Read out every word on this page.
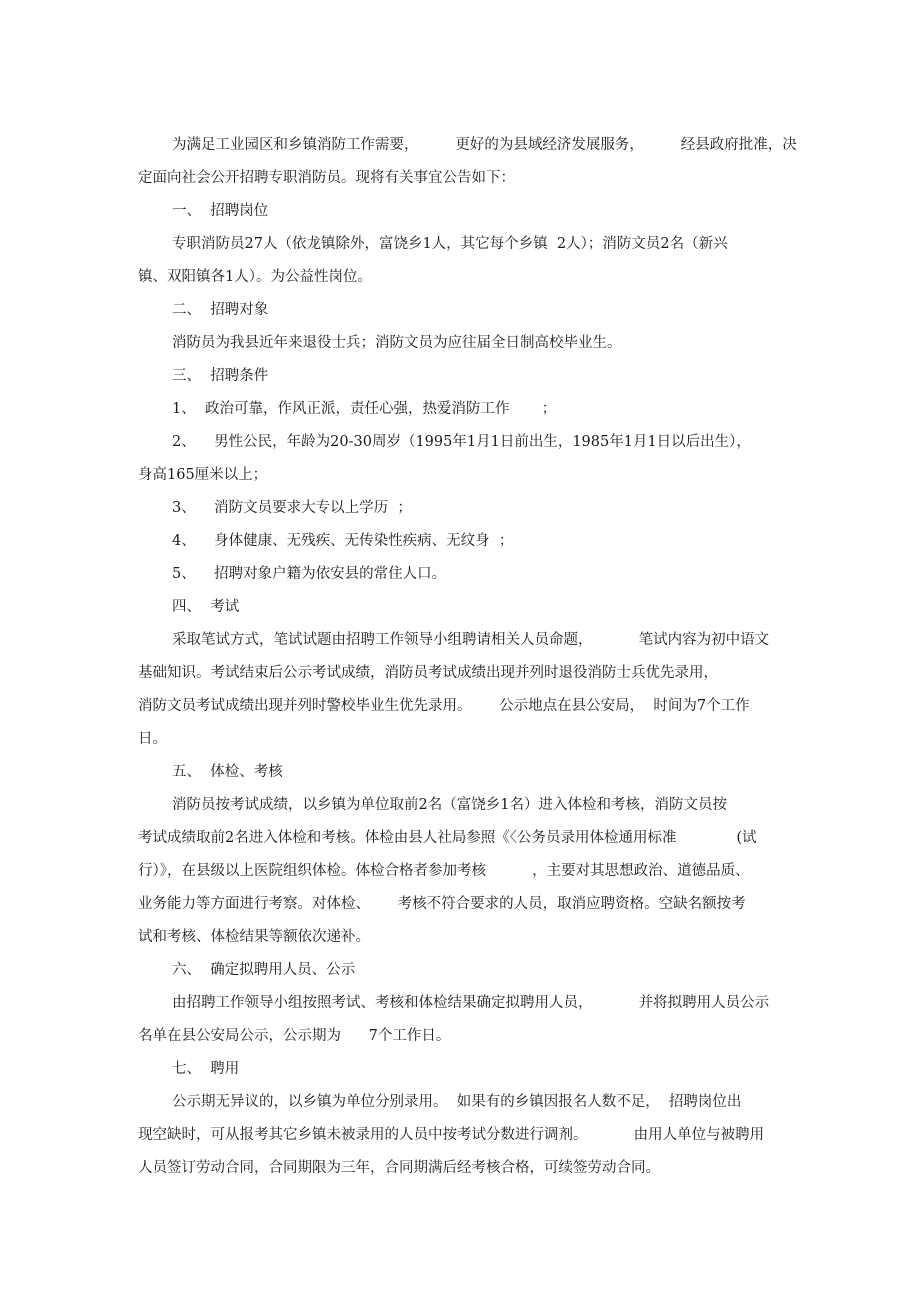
为满足工业园区和乡镇消防工作需要，        更好的为县域经济发展服务，        经县政府批准，决

定面向社会公开招聘专职消防员。现将有关事宜公告如下：

一、  招聘岗位

专职消防员27人（依龙镇除外，富饶乡1人，其它每个乡镇  2人）；消防文员2名（新兴

镇、双阳镇各1人）。为公益性岗位。

二、  招聘对象

消防员为我县近年来退役士兵；消防文员为应往届全日制高校毕业生。

三、  招聘条件

1、  政治可靠，作风正派，责任心强，热爱消防工作       ；

2、    男性公民，年龄为20-30周岁（1995年1月1日前出生，1985年1月1日以后出生），

身高165厘米以上；

3、    消防文员要求大专以上学历  ；

4、    身体健康、无残疾、无传染性疾病、无纹身  ；

5、    招聘对象户籍为依安县的常住人口。

四、  考试

采取笔试方式，笔试试题由招聘工作领导小组聘请相关人员命题，          笔试内容为初中语文

基础知识。考试结束后公示考试成绩，消防员考试成绩出现并列时退役消防士兵优先录用，

消防文员考试成绩出现并列时警校毕业生优先录用。      公示地点在县公安局，  时间为7个工作

日。

五、  体检、考核

消防员按考试成绩，以乡镇为单位取前2名（富饶乡1名）进入体检和考核，消防文员按

考试成绩取前2名进入体检和考核。体检由县人社局参照《〈公务员录用体检通用标准             (试

行）》，在县级以上医院组织体检。体检合格者参加考核          ，主要对其思想政治、道德品质、

业务能力等方面进行考察。对体检、      考核不符合要求的人员，取消应聘资格。空缺名额按考

试和考核、体检结果等额依次递补。

六、  确定拟聘用人员、公示

由招聘工作领导小组按照考试、考核和体检结果确定拟聘用人员，          并将拟聘用人员公示

名单在县公安局公示，公示期为      7个工作日。

七、  聘用

公示期无异议的，以乡镇为单位分别录用。  如果有的乡镇因报名人数不足，  招聘岗位出

现空缺时，可从报考其它乡镇未被录用的人员中按考试分数进行调剂。          由用人单位与被聘用

人员签订劳动合同，合同期限为三年，合同期满后经考核合格，可续签劳动合同。
